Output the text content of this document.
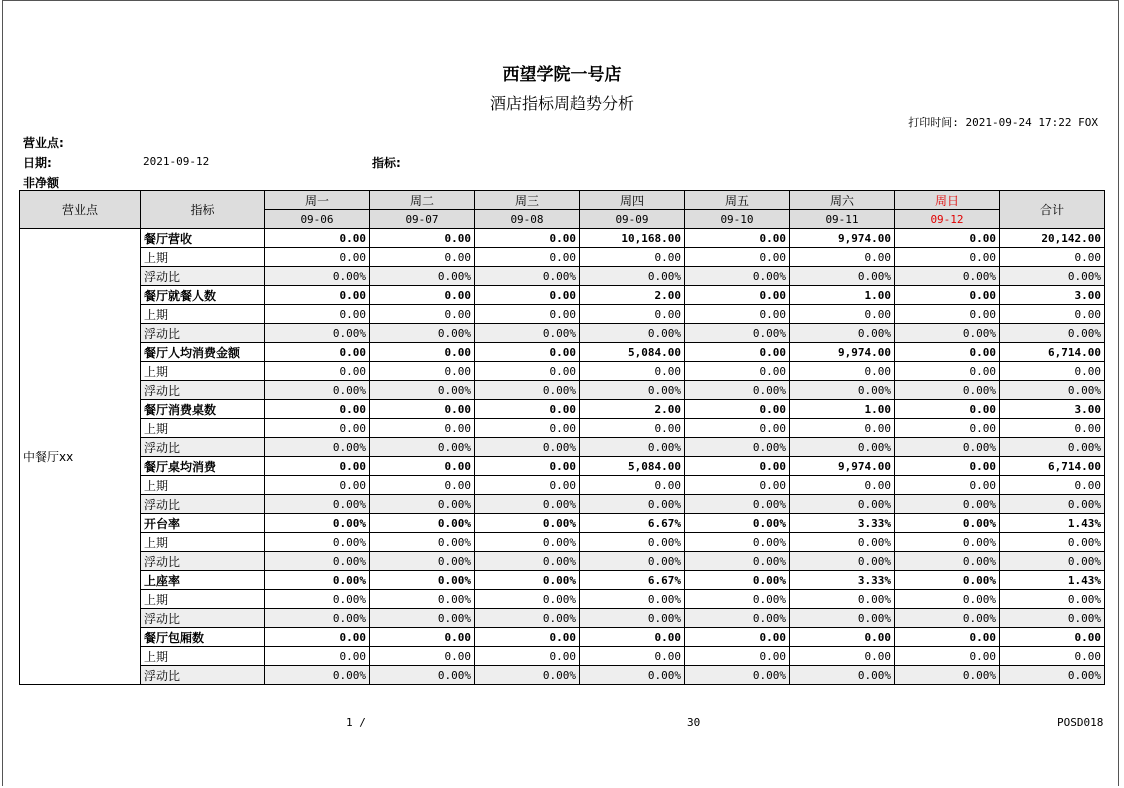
西望学院一号店
酒店指标周趋势分析
打印时间: 2021-09-24 17:22 FOX
营业点:
日期:	2021-09-12	指标:
非净额
营业点	指标	周一	周二	周三	周四	周五	周六	周日	合计
		09-06	09-07	09-08	09-09	09-10	09-11	09-12	
中餐厅xx	餐厅营收	0.00	0.00	0.00	10,168.00	0.00	9,974.00	0.00	20,142.00
	上期	0.00	0.00	0.00	0.00	0.00	0.00	0.00	0.00
	浮动比	0.00%	0.00%	0.00%	0.00%	0.00%	0.00%	0.00%	0.00%
	餐厅就餐人数	0.00	0.00	0.00	2.00	0.00	1.00	0.00	3.00
	上期	0.00	0.00	0.00	0.00	0.00	0.00	0.00	0.00
	浮动比	0.00%	0.00%	0.00%	0.00%	0.00%	0.00%	0.00%	0.00%
	餐厅人均消费金额	0.00	0.00	0.00	5,084.00	0.00	9,974.00	0.00	6,714.00
	上期	0.00	0.00	0.00	0.00	0.00	0.00	0.00	0.00
	浮动比	0.00%	0.00%	0.00%	0.00%	0.00%	0.00%	0.00%	0.00%
	餐厅消费桌数	0.00	0.00	0.00	2.00	0.00	1.00	0.00	3.00
	上期	0.00	0.00	0.00	0.00	0.00	0.00	0.00	0.00
	浮动比	0.00%	0.00%	0.00%	0.00%	0.00%	0.00%	0.00%	0.00%
	餐厅桌均消费	0.00	0.00	0.00	5,084.00	0.00	9,974.00	0.00	6,714.00
	上期	0.00	0.00	0.00	0.00	0.00	0.00	0.00	0.00
	浮动比	0.00%	0.00%	0.00%	0.00%	0.00%	0.00%	0.00%	0.00%
	开台率	0.00%	0.00%	0.00%	6.67%	0.00%	3.33%	0.00%	1.43%
	上期	0.00%	0.00%	0.00%	0.00%	0.00%	0.00%	0.00%	0.00%
	浮动比	0.00%	0.00%	0.00%	0.00%	0.00%	0.00%	0.00%	0.00%
	上座率	0.00%	0.00%	0.00%	6.67%	0.00%	3.33%	0.00%	1.43%
	上期	0.00%	0.00%	0.00%	0.00%	0.00%	0.00%	0.00%	0.00%
	浮动比	0.00%	0.00%	0.00%	0.00%	0.00%	0.00%	0.00%	0.00%
	餐厅包厢数	0.00	0.00	0.00	0.00	0.00	0.00	0.00	0.00
	上期	0.00	0.00	0.00	0.00	0.00	0.00	0.00	0.00
	浮动比	0.00%	0.00%	0.00%	0.00%	0.00%	0.00%	0.00%	0.00%
1 /	30	POSD018
